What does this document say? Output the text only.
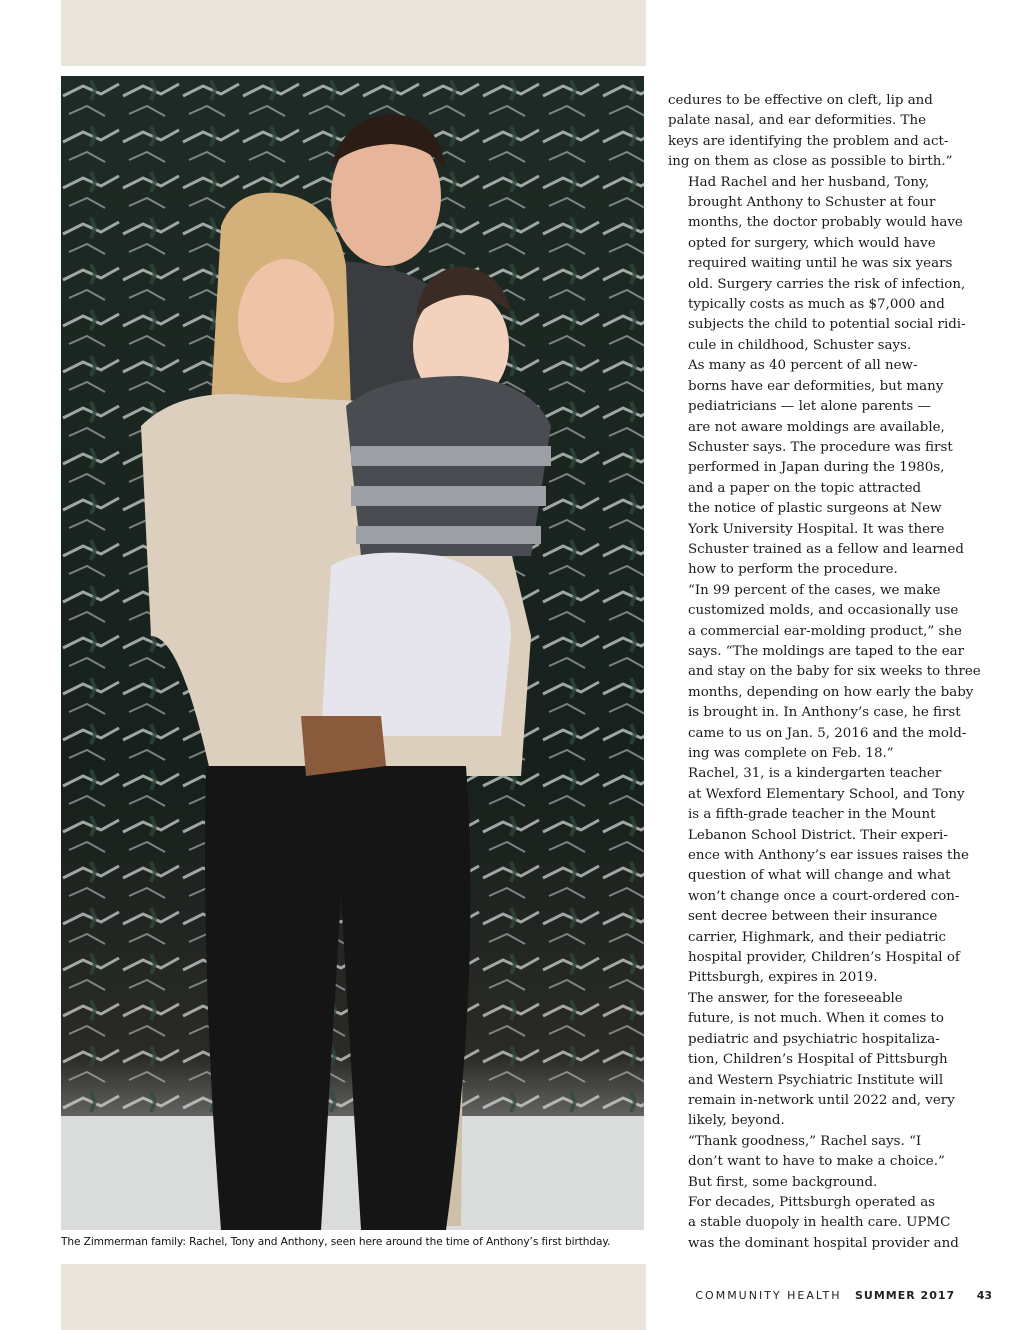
The Zimmerman family: Rachel, Tony and Anthony, seen here around the time of Anthony’s first birthday.

cedures to be effective on cleft, lip and
palate nasal, and ear deformities. The
keys are identifying the problem and act-
ing on them as close as possible to birth.”

Had Rachel and her husband, Tony,
brought Anthony to Schuster at four
months, the doctor probably would have
opted for surgery, which would have
required waiting until he was six years
old. Surgery carries the risk of infection,
typically costs as much as $7,000 and
subjects the child to potential social ridi-
cule in childhood, Schuster says.

As many as 40 percent of all new-
borns have ear deformities, but many
pediatricians — let alone parents —
are not aware moldings are available,
Schuster says. The procedure was first
performed in Japan during the 1980s,
and a paper on the topic attracted
the notice of plastic surgeons at New
York University Hospital. It was there
Schuster trained as a fellow and learned
how to perform the procedure.

“In 99 percent of the cases, we make
customized molds, and occasionally use
a commercial ear-molding product,” she
says. “The moldings are taped to the ear
and stay on the baby for six weeks to three
months, depending on how early the baby
is brought in. In Anthony’s case, he first
came to us on Jan. 5, 2016 and the mold-
ing was complete on Feb. 18.”

Rachel, 31, is a kindergarten teacher
at Wexford Elementary School, and Tony
is a fifth-grade teacher in the Mount
Lebanon School District. Their experi-
ence with Anthony’s ear issues raises the
question of what will change and what
won’t change once a court-ordered con-
sent decree between their insurance
carrier, Highmark, and their pediatric
hospital provider, Children’s Hospital of
Pittsburgh, expires in 2019.

The answer, for the foreseeable
future, is not much. When it comes to
pediatric and psychiatric hospitaliza-
tion, Children’s Hospital of Pittsburgh
and Western Psychiatric Institute will
remain in-network until 2022 and, very
likely, beyond.

“Thank goodness,” Rachel says. “I
don’t want to have to make a choice.”

But first, some background.

For decades, Pittsburgh operated as
a stable duopoly in health care. UPMC
was the dominant hospital provider and

COMMUNITY HEALTH SUMMER 2017 43
